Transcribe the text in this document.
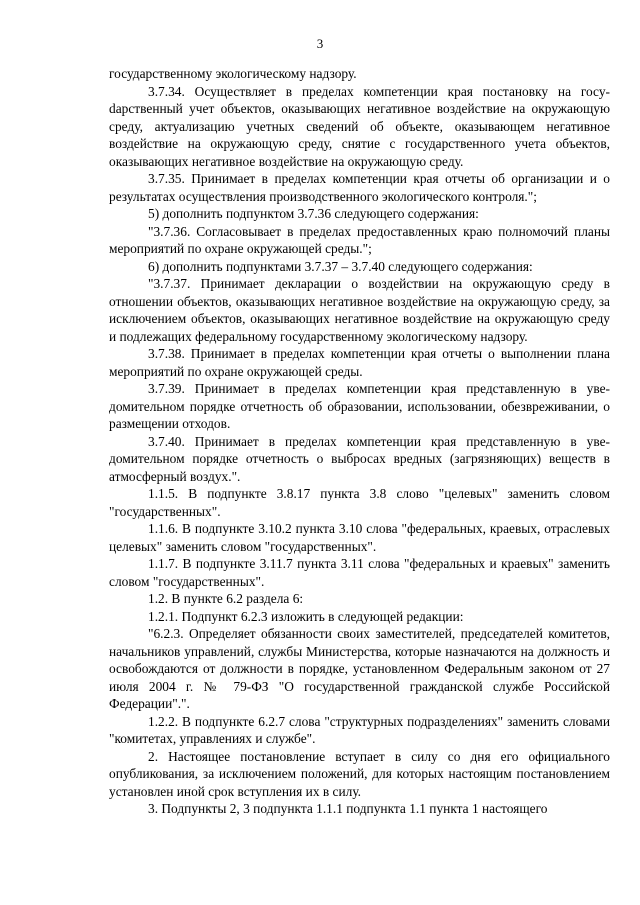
3

государственному экологическому надзору.

3.7.34. Осуществляет в пределах компетенции края постановку на госуdарственный учет объектов, оказывающих негативное воздействие на окружающую среду, актуализацию учетных сведений об объекте, оказывающем негативное воздействие на окружающую среду, снятие с государственного учета объектов, оказывающих негативное воздействие на окружающую среду.

3.7.35. Принимает в пределах компетенции края отчеты об организации и о результатах осуществления производственного экологического контроля.";

5) дополнить подпунктом 3.7.36 следующего содержания:

"3.7.36. Согласовывает в пределах предоставленных краю полномочий планы мероприятий по охране окружающей среды.";

6) дополнить подпунктами 3.7.37 – 3.7.40 следующего содержания:

"3.7.37. Принимает декларации о воздействии на окружающую среду в отношении объектов, оказывающих негативное воздействие на окружающую среду, за исключением объектов, оказывающих негативное воздействие на окружающую среду и подлежащих федеральному государственному экологическому надзору.

3.7.38. Принимает в пределах компетенции края отчеты о выполнении плана мероприятий по охране окружающей среды.

3.7.39. Принимает в пределах компетенции края представленную в уведомительном порядке отчетность об образовании, использовании, обезвреживании, о размещении отходов.

3.7.40. Принимает в пределах компетенции края представленную в уведомительном порядке отчетность о выбросах вредных (загрязняющих) веществ в атмосферный воздух.".

1.1.5. В подпункте 3.8.17 пункта 3.8 слово "целевых" заменить словом "государственных".

1.1.6. В подпункте 3.10.2 пункта 3.10 слова "федеральных, краевых, отраслевых целевых" заменить словом "государственных".

1.1.7. В подпункте 3.11.7 пункта 3.11 слова "федеральных и краевых" заменить словом "государственных".

1.2. В пункте 6.2 раздела 6:

1.2.1. Подпункт 6.2.3 изложить в следующей редакции:

"6.2.3. Определяет обязанности своих заместителей, председателей комитетов, начальников управлений, службы Министерства, которые назначаются на должность и освобождаются от должности в порядке, установленном Федеральным законом от 27 июля 2004 г. № 79-ФЗ "О государственной гражданской службе Российской Федерации".".

1.2.2. В подпункте 6.2.7 слова "структурных подразделениях" заменить словами "комитетах, управлениях и службе".

2. Настоящее постановление вступает в силу со дня его официального опубликования, за исключением положений, для которых настоящим постановлением установлен иной срок вступления их в силу.

3. Подпункты 2, 3 подпункта 1.1.1 подпункта 1.1 пункта 1 настоящего
